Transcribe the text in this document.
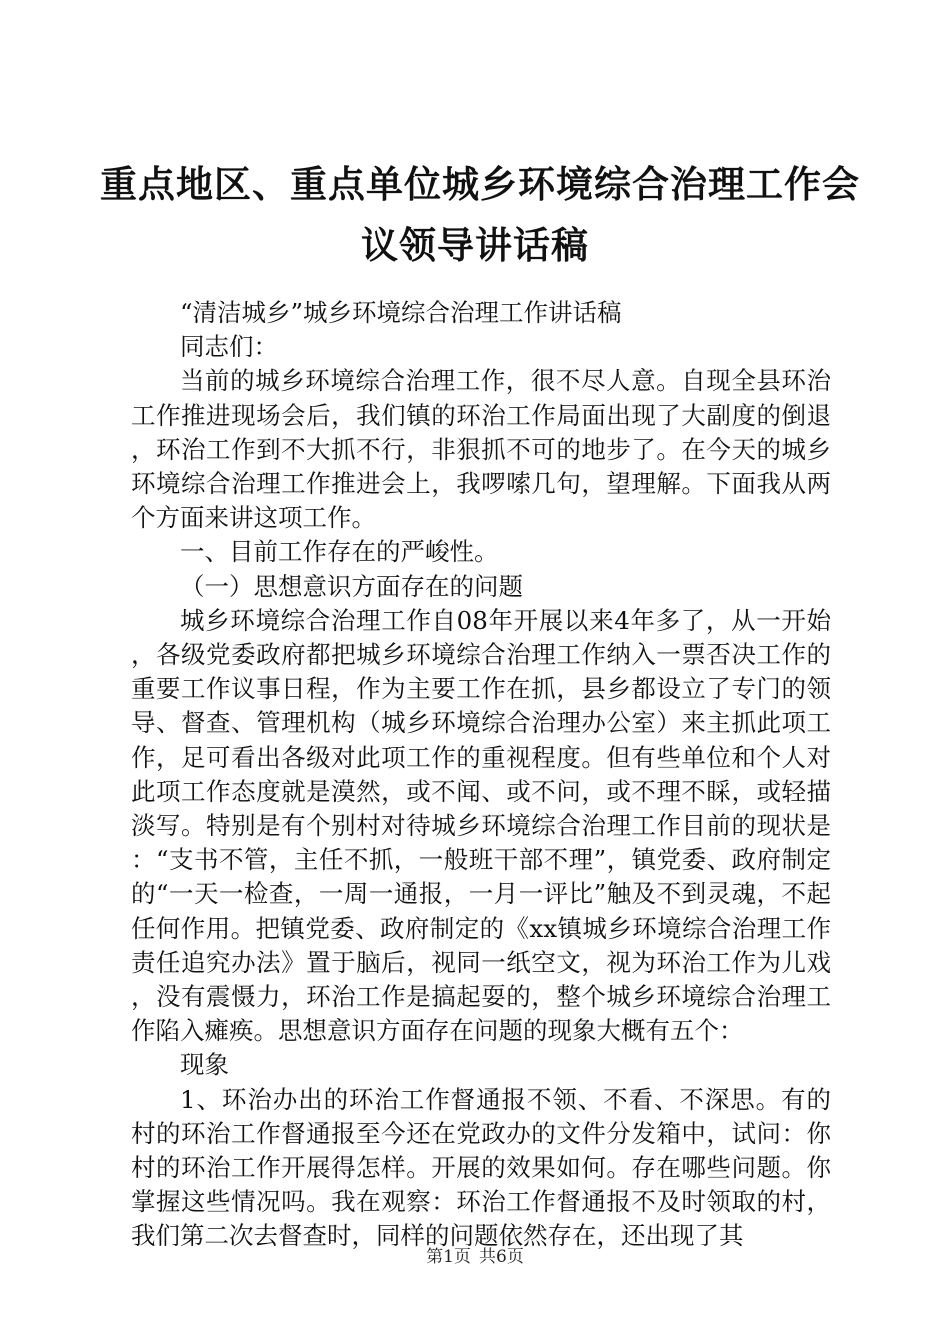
重点地区、重点单位城乡环境综合治理工作会
议领导讲话稿

“清洁城乡”城乡环境综合治理工作讲话稿

同志们：

当前的城乡环境综合治理工作，很不尽人意。自现全县环治工作推进现场会后，我们镇的环治工作局面出现了大副度的倒退，环治工作到不大抓不行，非狠抓不可的地步了。在今天的城乡环境综合治理工作推进会上，我啰嗦几句，望理解。下面我从两个方面来讲这项工作。

一、目前工作存在的严峻性。

（一）思想意识方面存在的问题

城乡环境综合治理工作自08年开展以来4年多了，从一开始，各级党委政府都把城乡环境综合治理工作纳入一票否决工作的重要工作议事日程，作为主要工作在抓，县乡都设立了专门的领导、督查、管理机构（城乡环境综合治理办公室）来主抓此项工作，足可看出各级对此项工作的重视程度。但有些单位和个人对此项工作态度就是漠然，或不闻、或不问，或不理不睬，或轻描淡写。特别是有个别村对待城乡环境综合治理工作目前的现状是：“支书不管，主任不抓，一般班干部不理”，镇党委、政府制定的“一天一检查，一周一通报，一月一评比”触及不到灵魂，不起任何作用。把镇党委、政府制定的《xx镇城乡环境综合治理工作责任追究办法》置于脑后，视同一纸空文，视为环治工作为儿戏，没有震慑力，环治工作是搞起耍的，整个城乡环境综合治理工作陷入瘫痪。思想意识方面存在问题的现象大概有五个：

现象

1、环治办出的环治工作督通报不领、不看、不深思。有的村的环治工作督通报至今还在党政办的文件分发箱中，试问：你村的环治工作开展得怎样。开展的效果如何。存在哪些问题。你掌握这些情况吗。我在观察：环治工作督通报不及时领取的村，我们第二次去督查时，同样的问题依然存在，还出现了其

第1页 共6页
